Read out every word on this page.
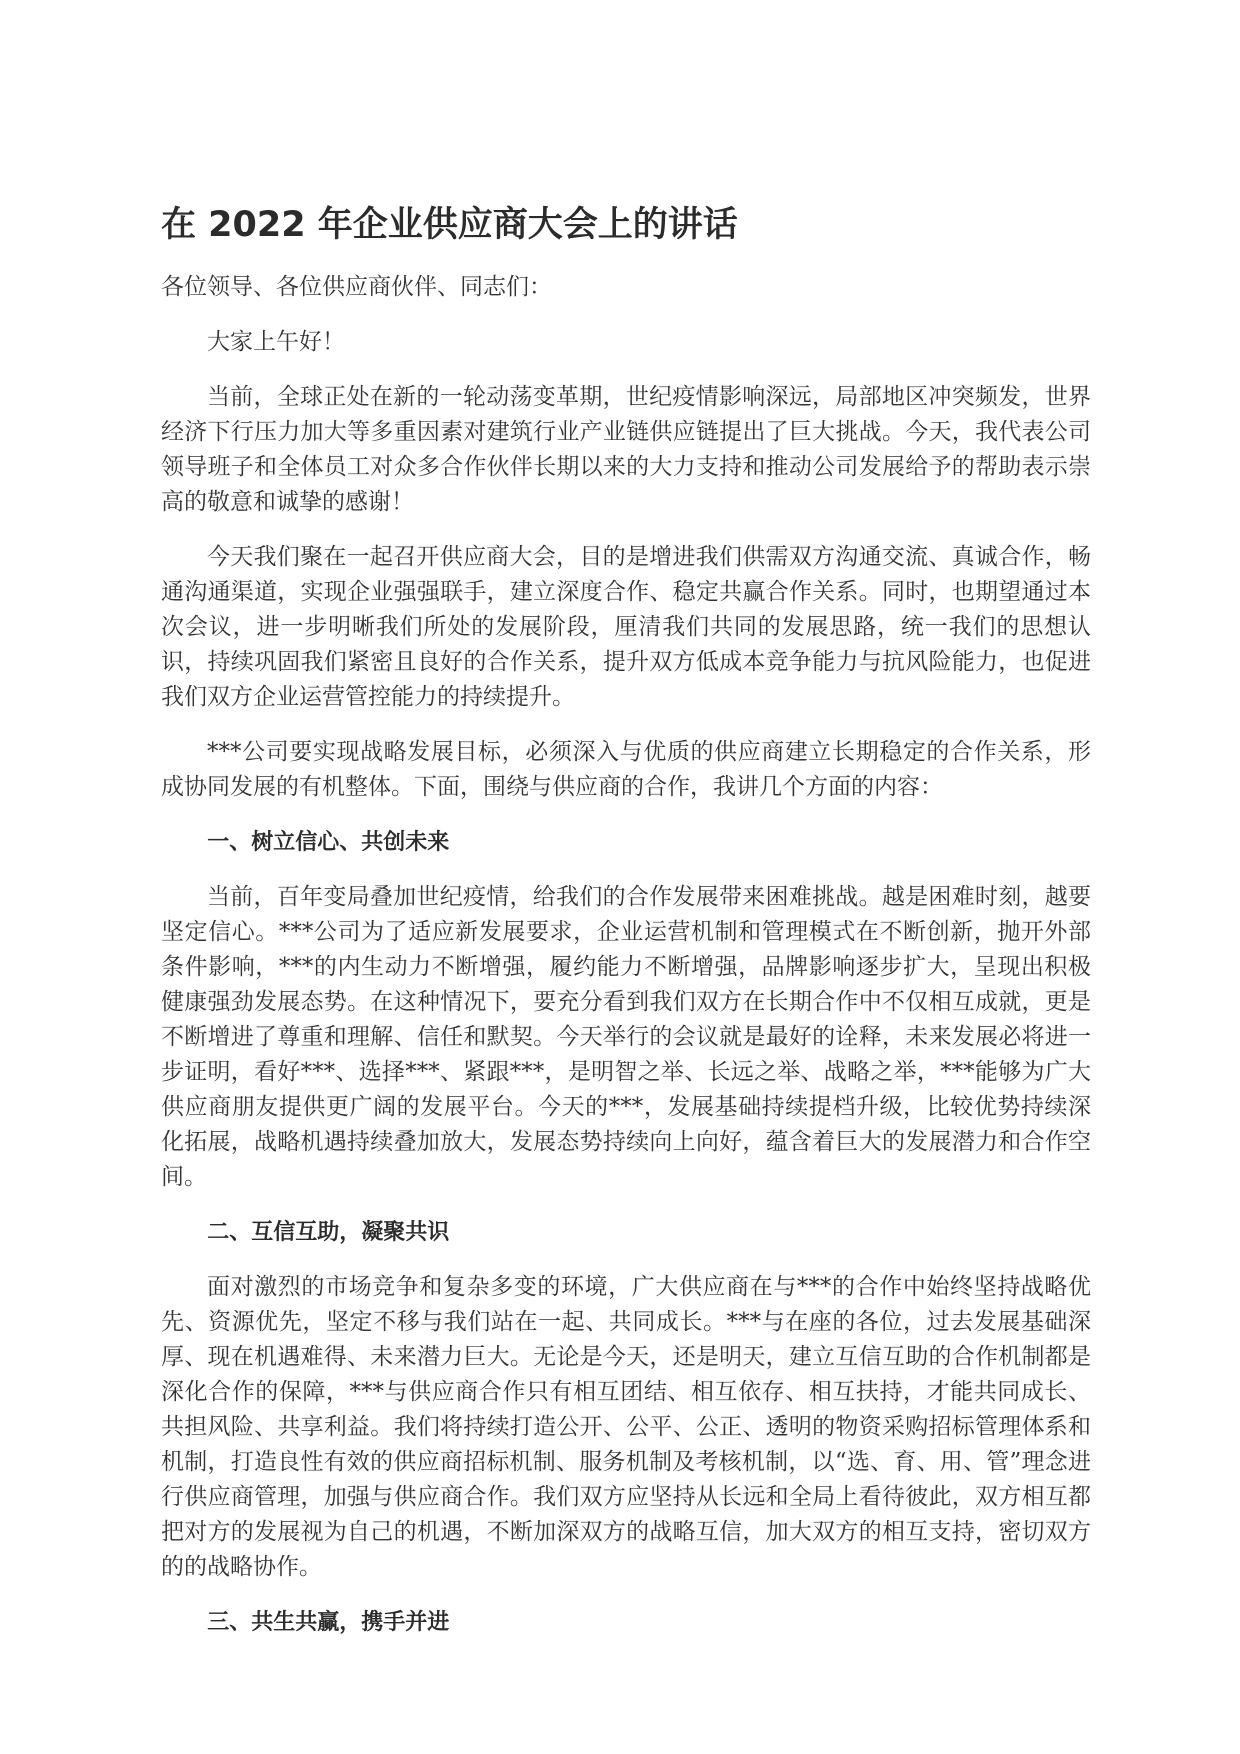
在 2022 年企业供应商大会上的讲话

各位领导、各位供应商伙伴、同志们：

大家上午好！

当前，全球正处在新的一轮动荡变革期，世纪疫情影响深远，局部地区冲突频发，世界经济下行压力加大等多重因素对建筑行业产业链供应链提出了巨大挑战。今天，我代表公司领导班子和全体员工对众多合作伙伴长期以来的大力支持和推动公司发展给予的帮助表示崇高的敬意和诚挚的感谢！

今天我们聚在一起召开供应商大会，目的是增进我们供需双方沟通交流、真诚合作，畅通沟通渠道，实现企业强强联手，建立深度合作、稳定共赢合作关系。同时，也期望通过本次会议，进一步明晰我们所处的发展阶段，厘清我们共同的发展思路，统一我们的思想认识，持续巩固我们紧密且良好的合作关系，提升双方低成本竞争能力与抗风险能力，也促进我们双方企业运营管控能力的持续提升。

***公司要实现战略发展目标，必须深入与优质的供应商建立长期稳定的合作关系，形成协同发展的有机整体。下面，围绕与供应商的合作，我讲几个方面的内容：

一、树立信心、共创未来

当前，百年变局叠加世纪疫情，给我们的合作发展带来困难挑战。越是困难时刻，越要坚定信心。***公司为了适应新发展要求，企业运营机制和管理模式在不断创新，抛开外部条件影响，***的内生动力不断增强，履约能力不断增强，品牌影响逐步扩大，呈现出积极健康强劲发展态势。在这种情况下，要充分看到我们双方在长期合作中不仅相互成就，更是不断增进了尊重和理解、信任和默契。今天举行的会议就是最好的诠释，未来发展必将进一步证明，看好***、选择***、紧跟***，是明智之举、长远之举、战略之举，***能够为广大供应商朋友提供更广阔的发展平台。今天的***，发展基础持续提档升级，比较优势持续深化拓展，战略机遇持续叠加放大，发展态势持续向上向好，蕴含着巨大的发展潜力和合作空间。

二、互信互助，凝聚共识

面对激烈的市场竞争和复杂多变的环境，广大供应商在与***的合作中始终坚持战略优先、资源优先，坚定不移与我们站在一起、共同成长。***与在座的各位，过去发展基础深厚、现在机遇难得、未来潜力巨大。无论是今天，还是明天，建立互信互助的合作机制都是深化合作的保障，***与供应商合作只有相互团结、相互依存、相互扶持，才能共同成长、共担风险、共享利益。我们将持续打造公开、公平、公正、透明的物资采购招标管理体系和机制，打造良性有效的供应商招标机制、服务机制及考核机制，以“选、育、用、管”理念进行供应商管理，加强与供应商合作。我们双方应坚持从长远和全局上看待彼此，双方相互都把对方的发展视为自己的机遇，不断加深双方的战略互信，加大双方的相互支持，密切双方的的战略协作。

三、共生共赢，携手并进
